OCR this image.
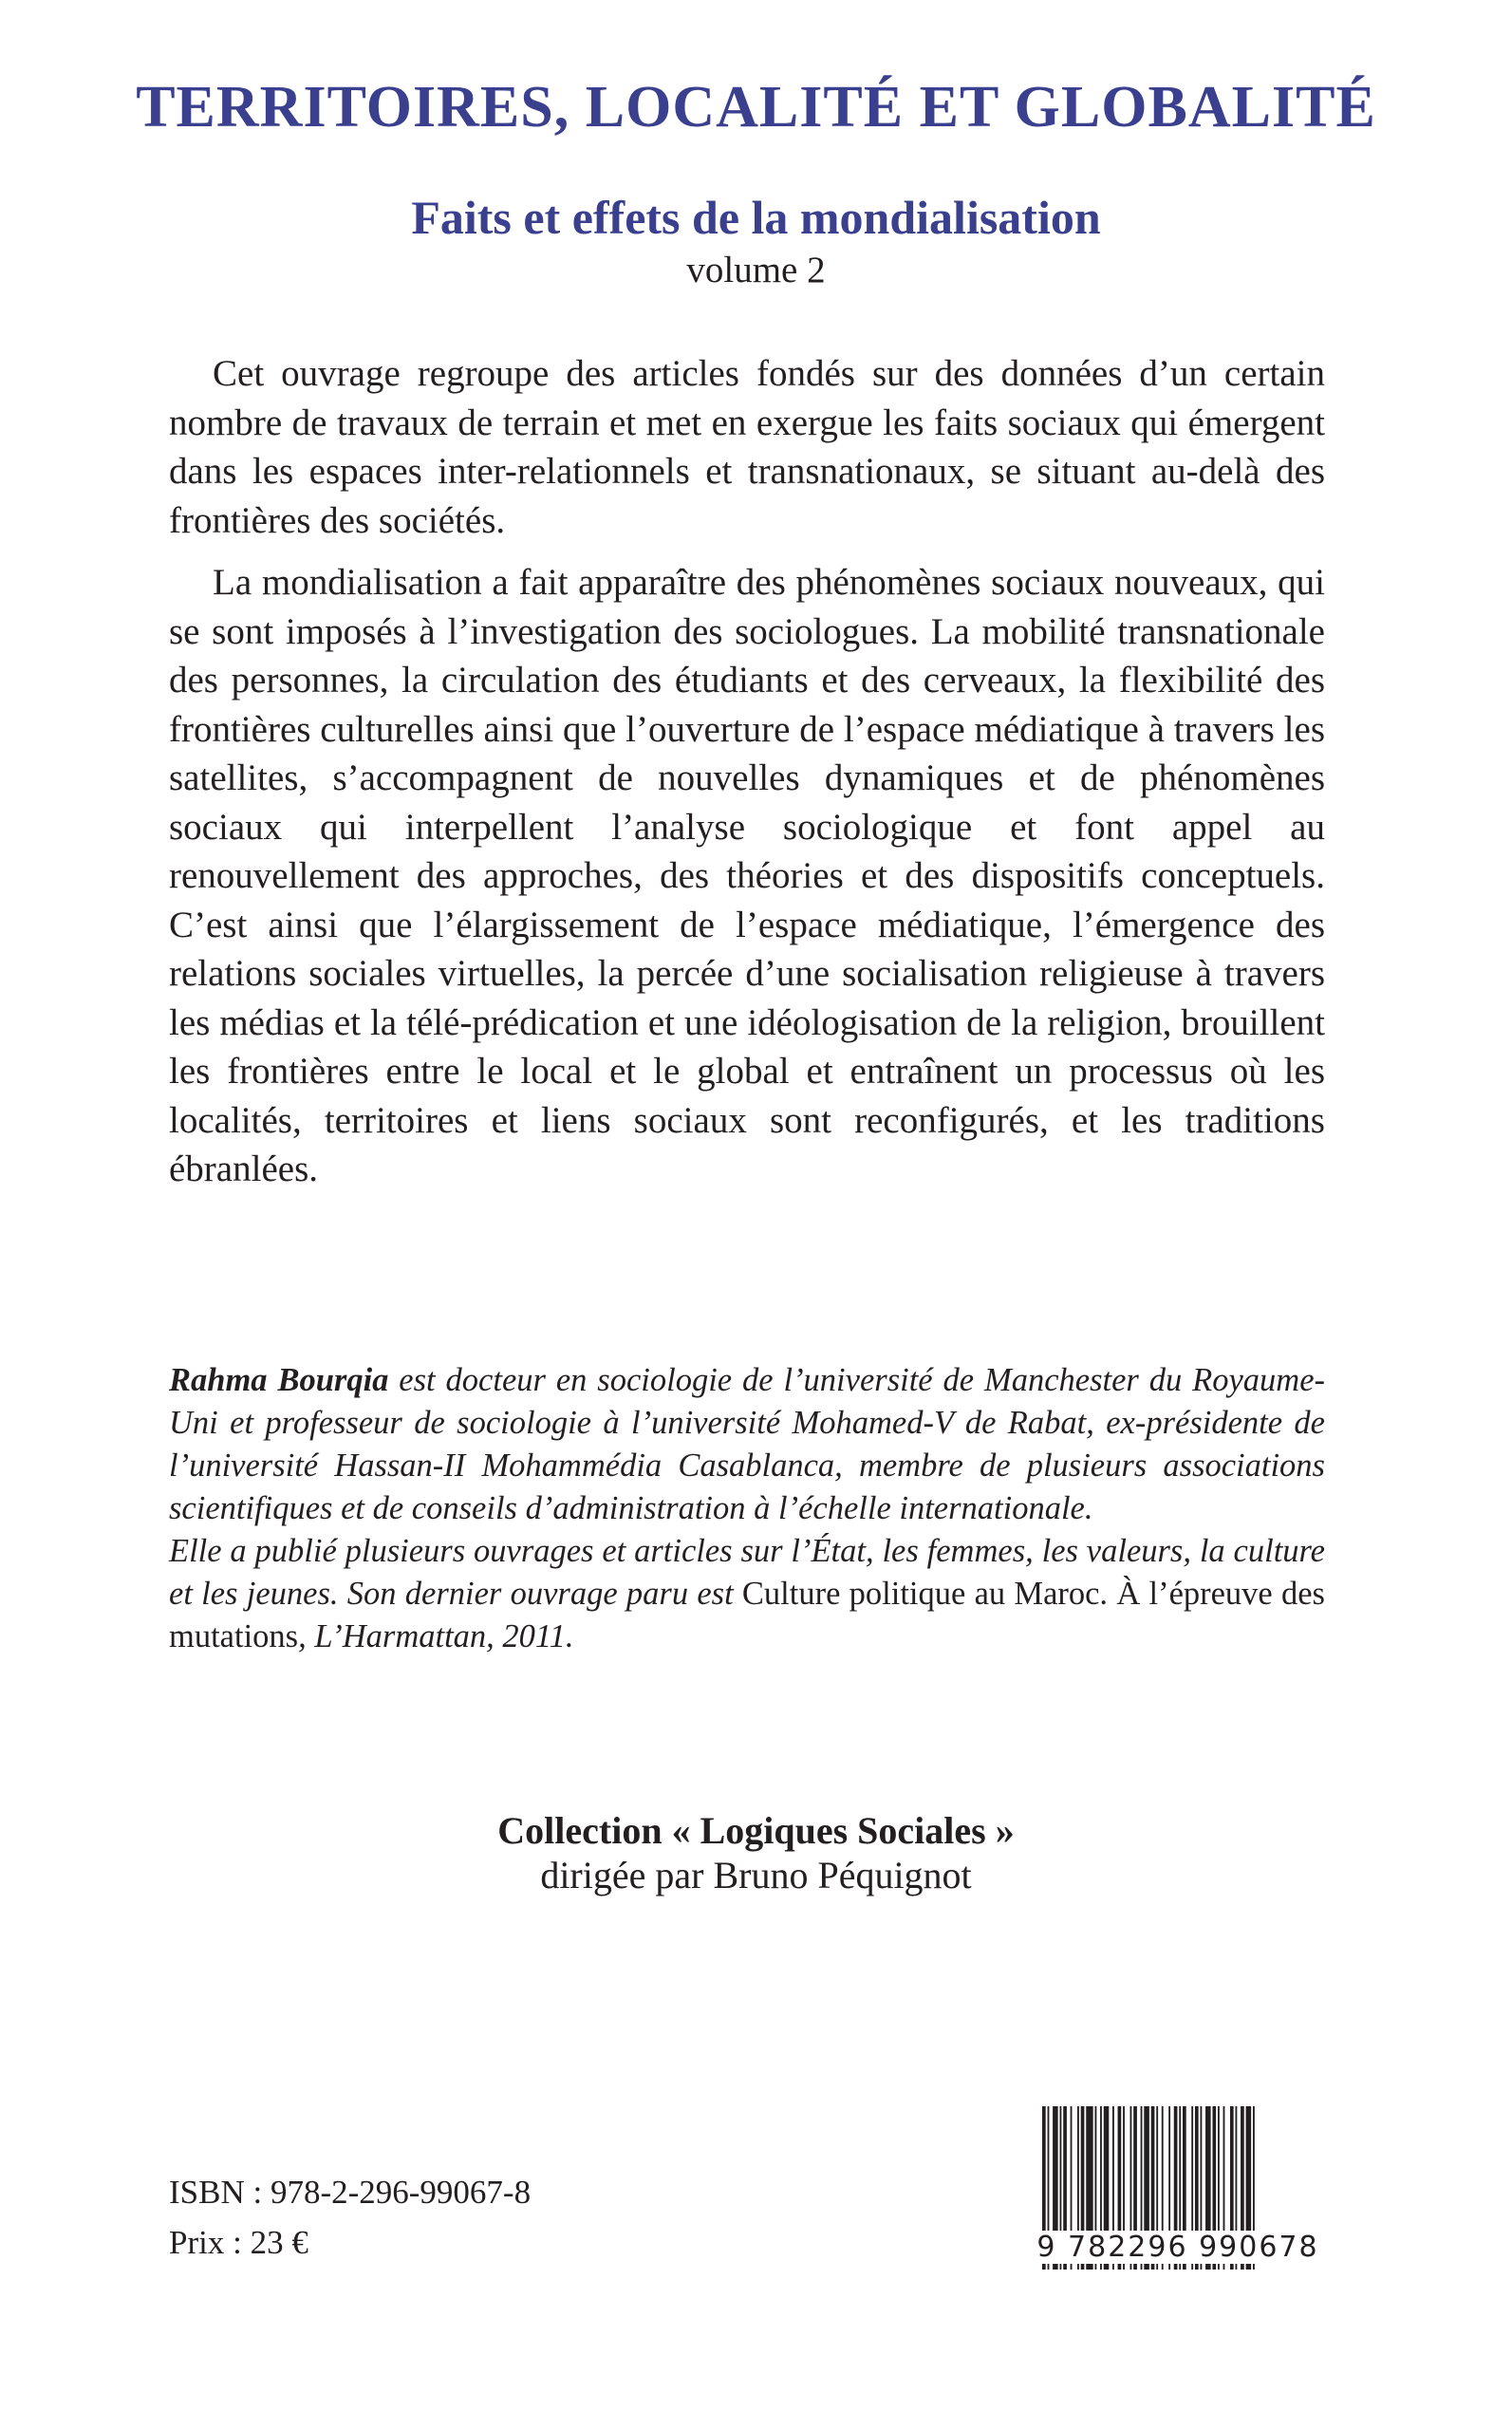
TERRITOIRES, LOCALITÉ ET GLOBALITÉ
Faits et effets de la mondialisation
volume 2

Cet ouvrage regroupe des articles fondés sur des données d’un certain nombre de travaux de terrain et met en exergue les faits sociaux qui émergent dans les espaces inter-relationnels et transnationaux, se situant au-delà des frontières des sociétés.

La mondialisation a fait apparaître des phénomènes sociaux nouveaux, qui se sont imposés à l’investigation des sociologues. La mobilité transnationale des personnes, la circulation des étudiants et des cerveaux, la flexibilité des frontières culturelles ainsi que l’ouverture de l’espace médiatique à travers les satellites, s’accompagnent de nouvelles dynamiques et de phénomènes sociaux qui interpellent l’analyse sociologique et font appel au renouvellement des approches, des théories et des dispositifs conceptuels. C’est ainsi que l’élargissement de l’espace médiatique, l’émergence des relations sociales virtuelles, la percée d’une socialisation religieuse à travers les médias et la télé-prédication et une idéologisation de la religion, brouillent les frontières entre le local et le global et entraînent un processus où les localités, territoires et liens sociaux sont reconfigurés, et les traditions ébranlées.

Rahma Bourqia est docteur en sociologie de l’université de Manchester du Royaume-Uni et professeur de sociologie à l’université Mohamed-V de Rabat, ex-présidente de l’université Hassan-II Mohammédia Casablanca, membre de plusieurs associations scientifiques et de conseils d’administration à l’échelle internationale.

Elle a publié plusieurs ouvrages et articles sur l’État, les femmes, les valeurs, la culture et les jeunes. Son dernier ouvrage paru est Culture politique au Maroc. À l’épreuve des mutations, L’Harmattan, 2011.

Collection « Logiques Sociales »
dirigée par Bruno Péquignot
ISBN : 978-2-296-99067-8
Prix : 23 €	9 782296 990678
